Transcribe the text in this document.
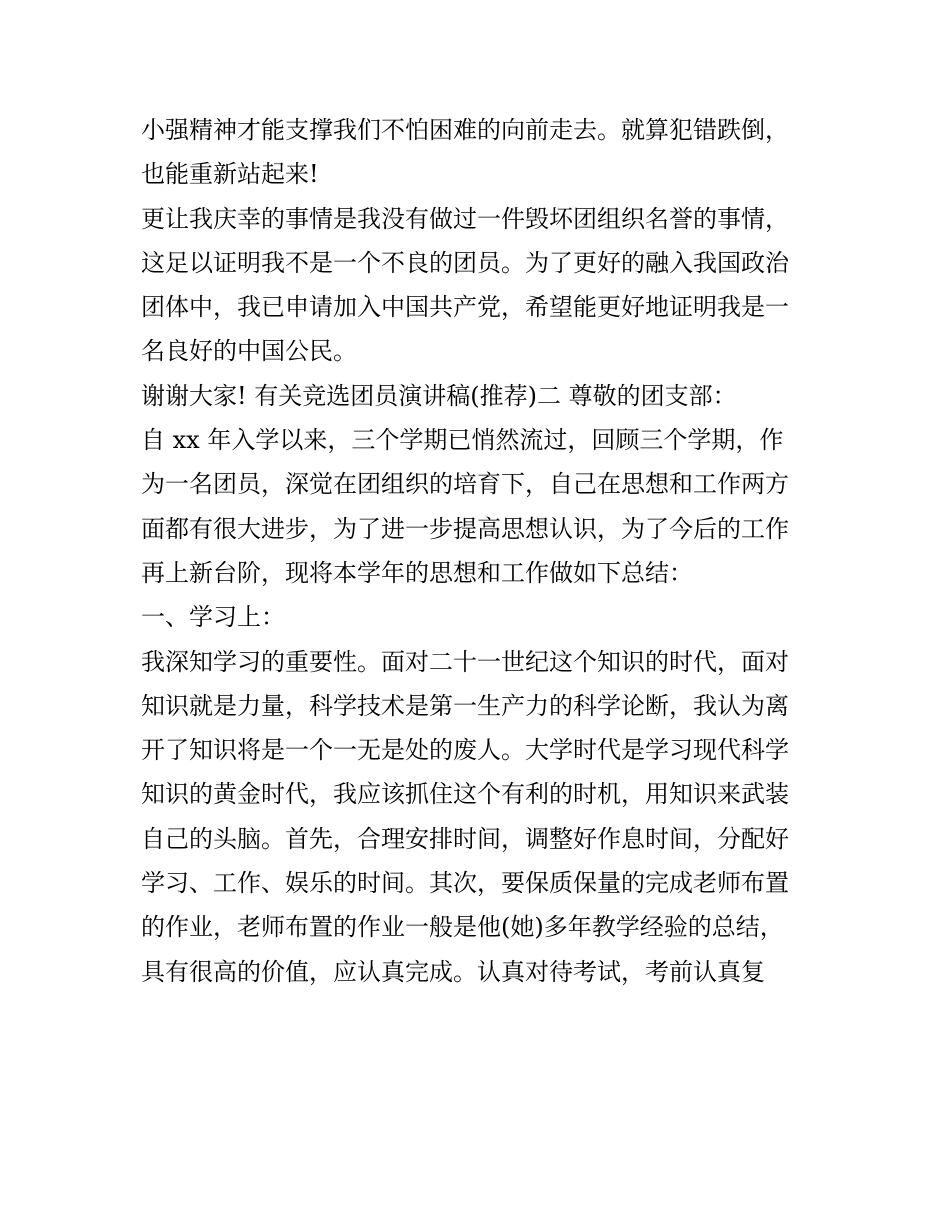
小强精神才能支撑我们不怕困难的向前走去。就算犯错跌倒，
也能重新站起来!
更让我庆幸的事情是我没有做过一件毁坏团组织名誉的事情，
这足以证明我不是一个不良的团员。为了更好的融入我国政治
团体中，我已申请加入中国共产党，希望能更好地证明我是一
名良好的中国公民。
谢谢大家! 有关竞选团员演讲稿(推荐)二 尊敬的团支部：
自 xx 年入学以来，三个学期已悄然流过，回顾三个学期，作
为一名团员，深觉在团组织的培育下，自己在思想和工作两方
面都有很大进步，为了进一步提高思想认识，为了今后的工作
再上新台阶，现将本学年的思想和工作做如下总结：
一、学习上：
我深知学习的重要性。面对二十一世纪这个知识的时代，面对
知识就是力量，科学技术是第一生产力的科学论断，我认为离
开了知识将是一个一无是处的废人。大学时代是学习现代科学
知识的黄金时代，我应该抓住这个有利的时机，用知识来武装
自己的头脑。首先，合理安排时间，调整好作息时间，分配好
学习、工作、娱乐的时间。其次，要保质保量的完成老师布置
的作业，老师布置的作业一般是他(她)多年教学经验的总结，
具有很高的价值，应认真完成。认真对待考试，考前认真复
